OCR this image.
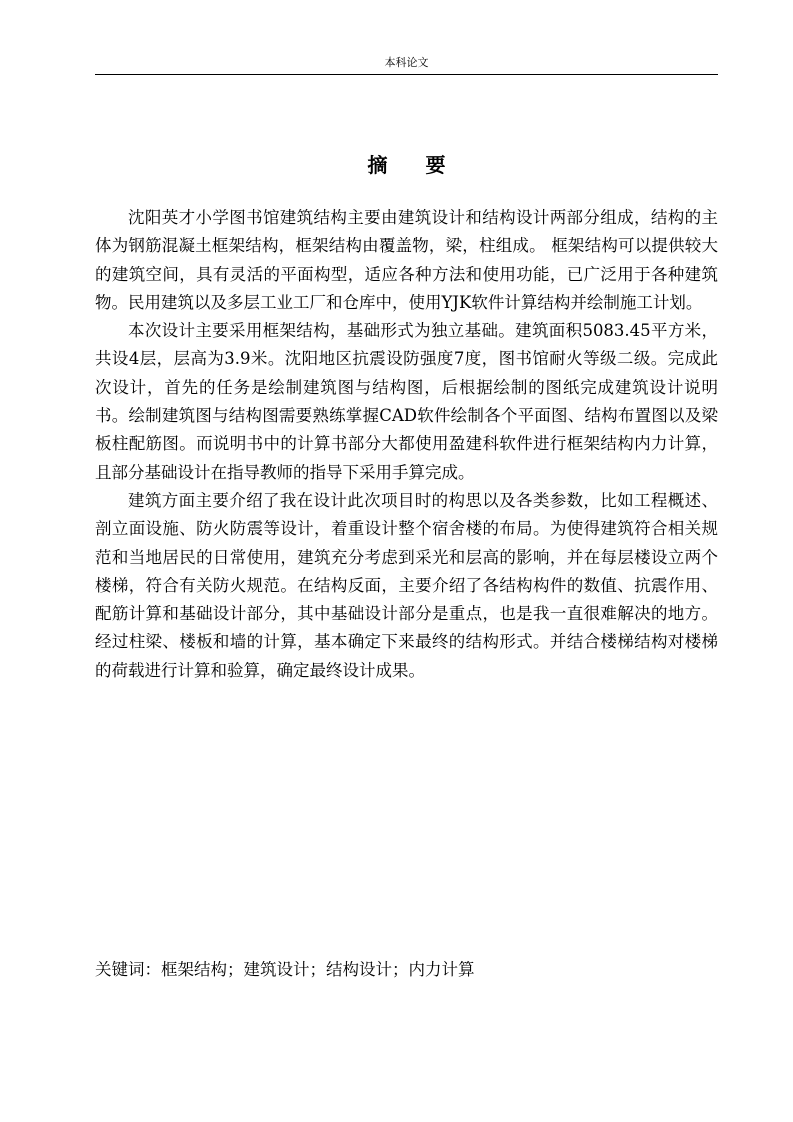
本科论文
摘 要

沈阳英才小学图书馆建筑结构主要由建筑设计和结构设计两部分组成，结构的主体为钢筋混凝土框架结构，框架结构由覆盖物，梁，柱组成。 框架结构可以提供较大的建筑空间，具有灵活的平面构型，适应各种方法和使用功能，已广泛用于各种建筑物。民用建筑以及多层工业工厂和仓库中，使用YJK软件计算结构并绘制施工计划。

本次设计主要采用框架结构，基础形式为独立基础。建筑面积5083.45平方米，共设4层，层高为3.9米。沈阳地区抗震设防强度7度，图书馆耐火等级二级。完成此次设计，首先的任务是绘制建筑图与结构图，后根据绘制的图纸完成建筑设计说明书。绘制建筑图与结构图需要熟练掌握CAD软件绘制各个平面图、结构布置图以及梁板柱配筋图。而说明书中的计算书部分大都使用盈建科软件进行框架结构内力计算，且部分基础设计在指导教师的指导下采用手算完成。

建筑方面主要介绍了我在设计此次项目时的构思以及各类参数，比如工程概述、剖立面设施、防火防震等设计，着重设计整个宿舍楼的布局。为使得建筑符合相关规范和当地居民的日常使用，建筑充分考虑到采光和层高的影响，并在每层楼设立两个楼梯，符合有关防火规范。在结构反面，主要介绍了各结构构件的数值、抗震作用、配筋计算和基础设计部分，其中基础设计部分是重点，也是我一直很难解决的地方。经过柱梁、楼板和墙的计算，基本确定下来最终的结构形式。并结合楼梯结构对楼梯的荷载进行计算和验算，确定最终设计成果。

关键词：框架结构；建筑设计；结构设计；内力计算
